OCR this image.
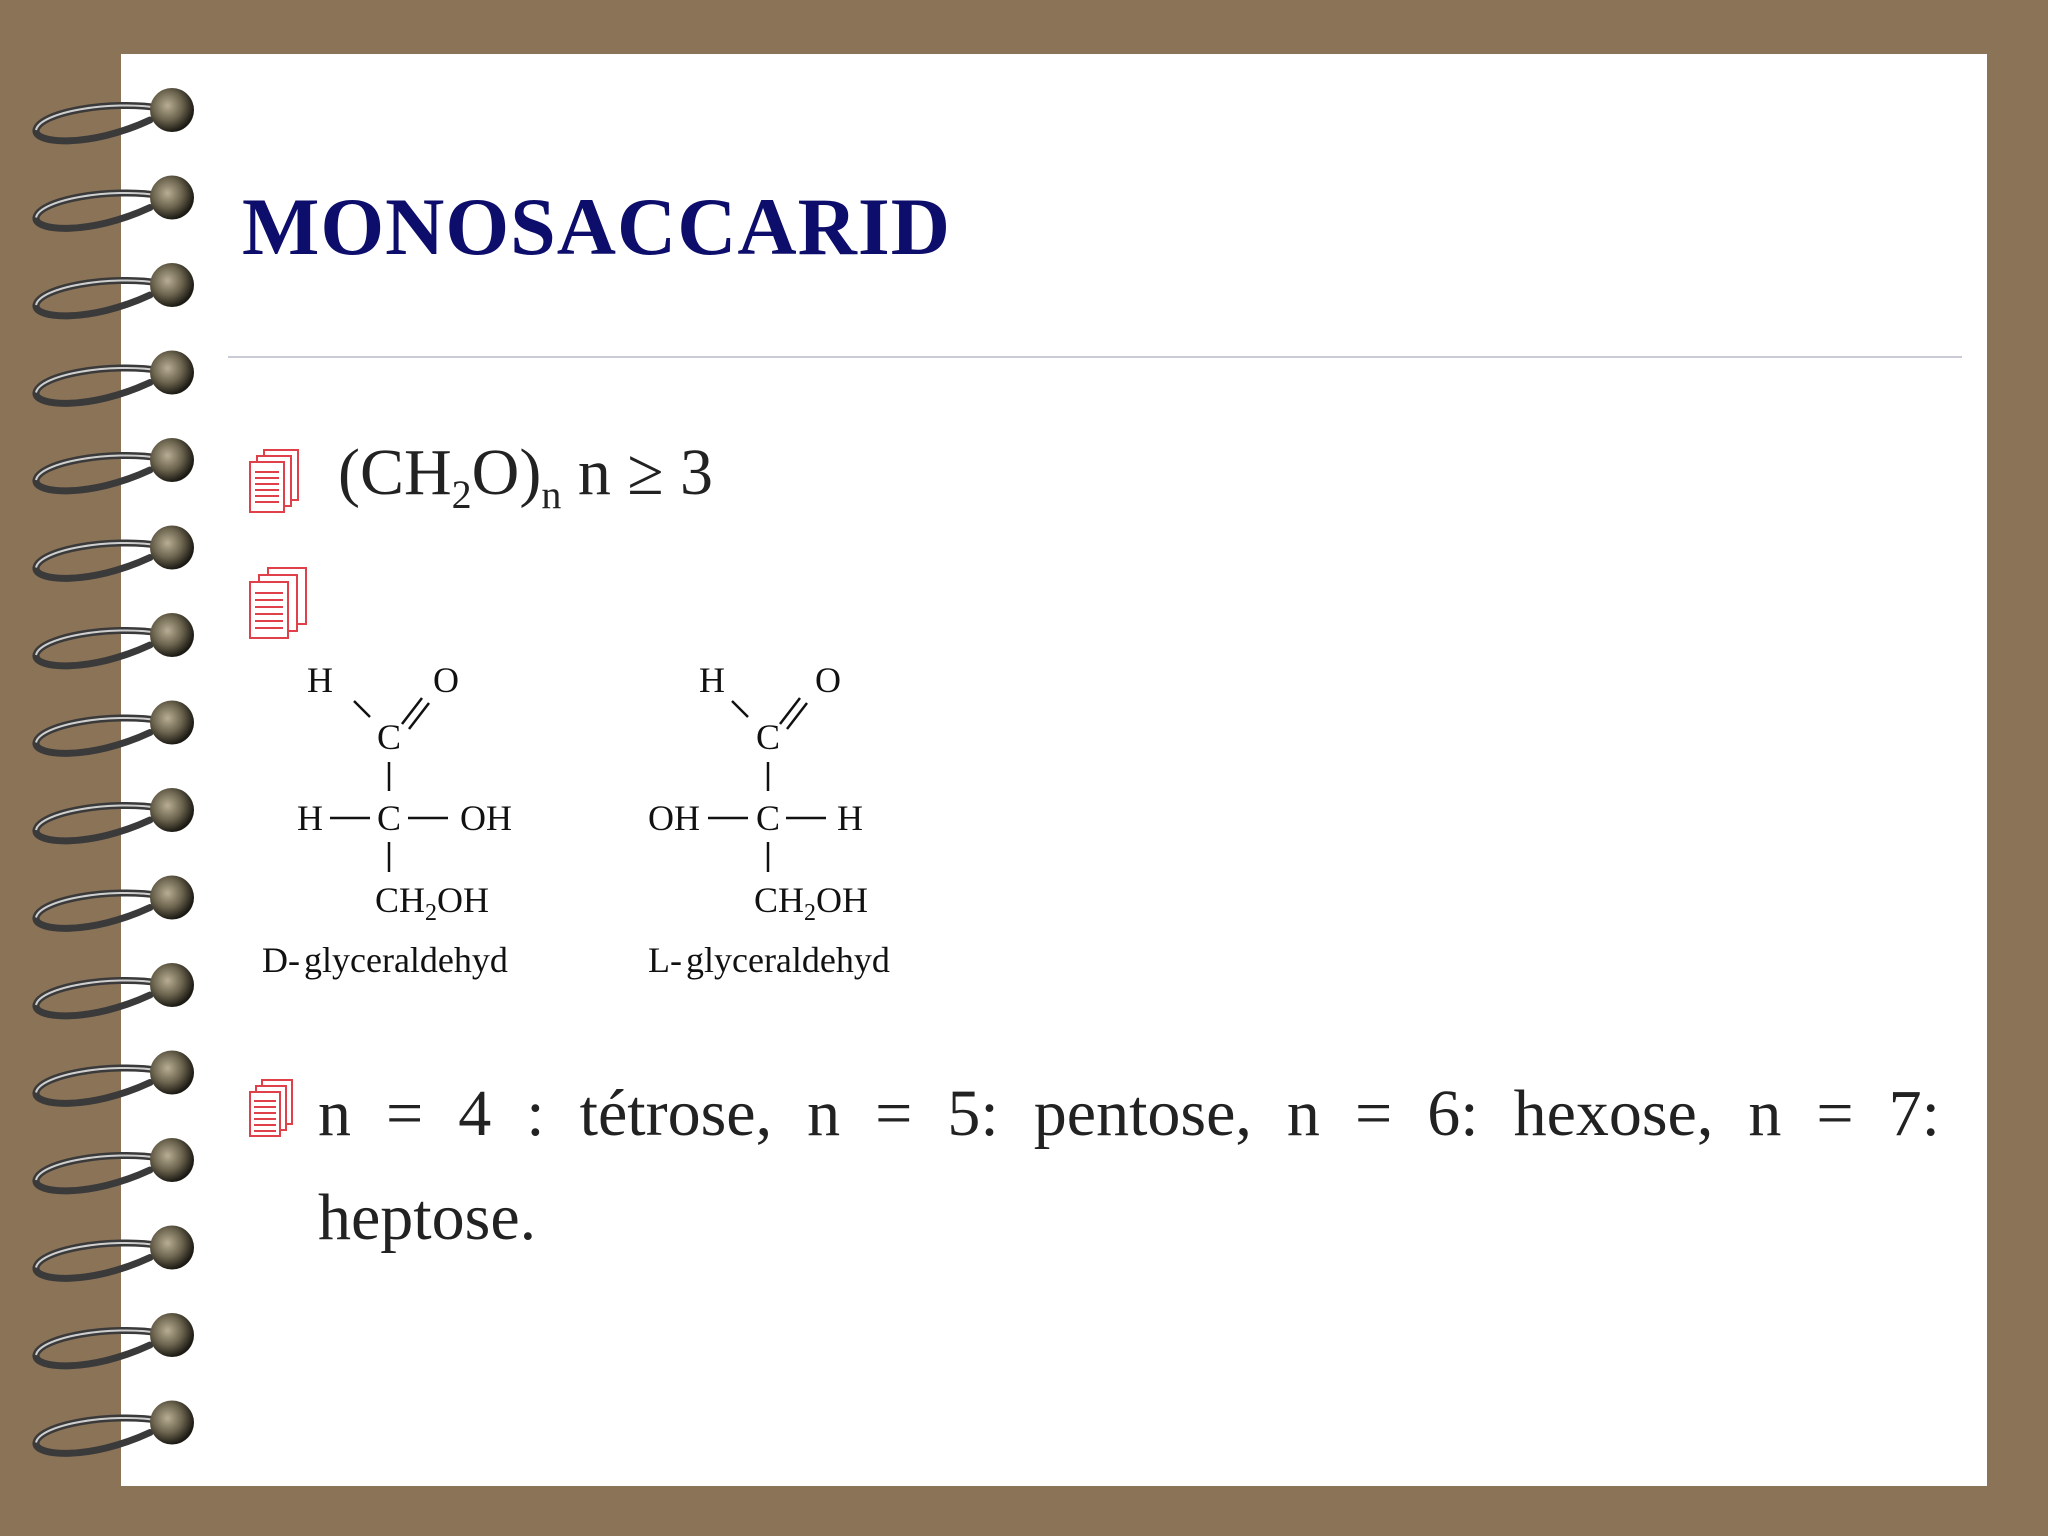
MONOSACCARID
$(CH_2O)_n$ n ≥ 3
H	O
C
H C OH
$CH_2OH$
D- glyceraldehyd
H	O
C
OH C H
$CH_2OH$
L- glyceraldehyd
n = 4 : tétrose, n = 5: pentose, n = 6: hexose, n = 7: heptose.
